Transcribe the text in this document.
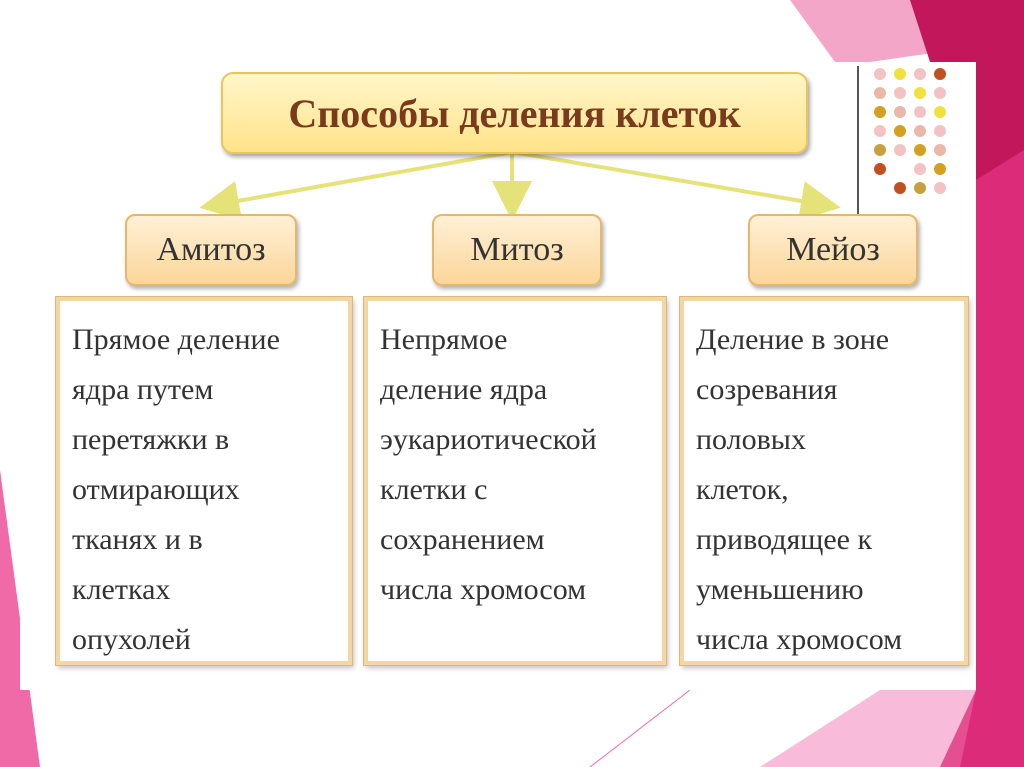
Способы деления клеток
Амитоз	Митоз	Мейоз
Прямое деление
ядра путем
перетяжки в
отмирающих
тканях и в
клетках
опухолей
Непрямое
деление ядра
эукариотической
клетки с
сохранением
числа хромосом
Деление в зоне
созревания
половых
клеток,
приводящее к
уменьшению
числа хромосом
